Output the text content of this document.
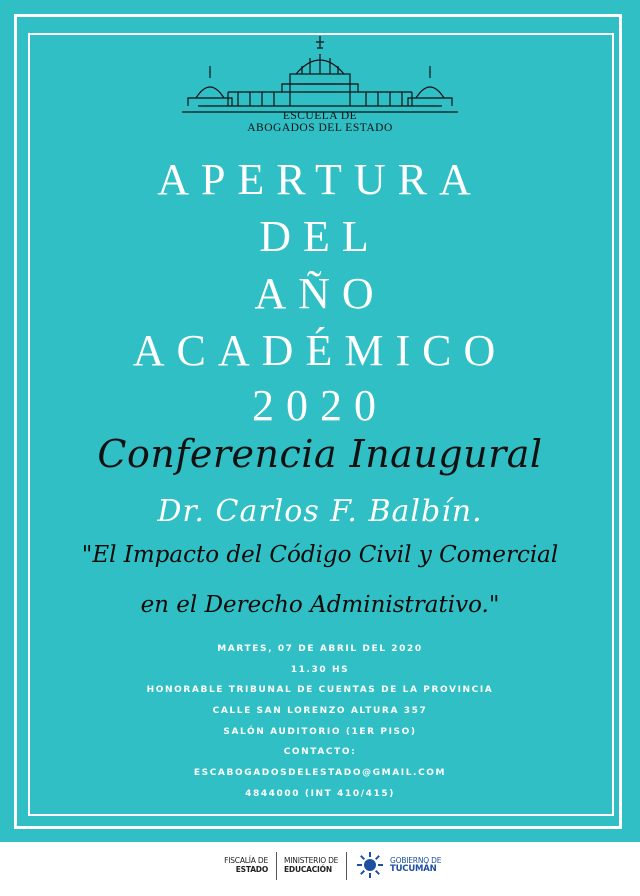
ESCUELA DE
ABOGADOS DEL ESTADO
APERTURA
DEL
AÑO
ACADÉMICO
2020
Conferencia Inaugural
Dr. Carlos F. Balbín.
"El Impacto del Código Civil y Comercial
en el Derecho Administrativo."
MARTES, 07 DE ABRIL DEL 2020
11.30 HS
HONORABLE TRIBUNAL DE CUENTAS DE LA PROVINCIA
CALLE SAN LORENZO ALTURA 357
SALÓN AUDITORIO (1ER PISO)
CONTACTO:
ESCABOGADOSDELESTADO@GMAIL.COM
4844000 (INT 410/415)
FISCALÍA DE
ESTADO
MINISTERIO DE
EDUCACIÓN
GOBIERNO DE
TUCUMÁN
